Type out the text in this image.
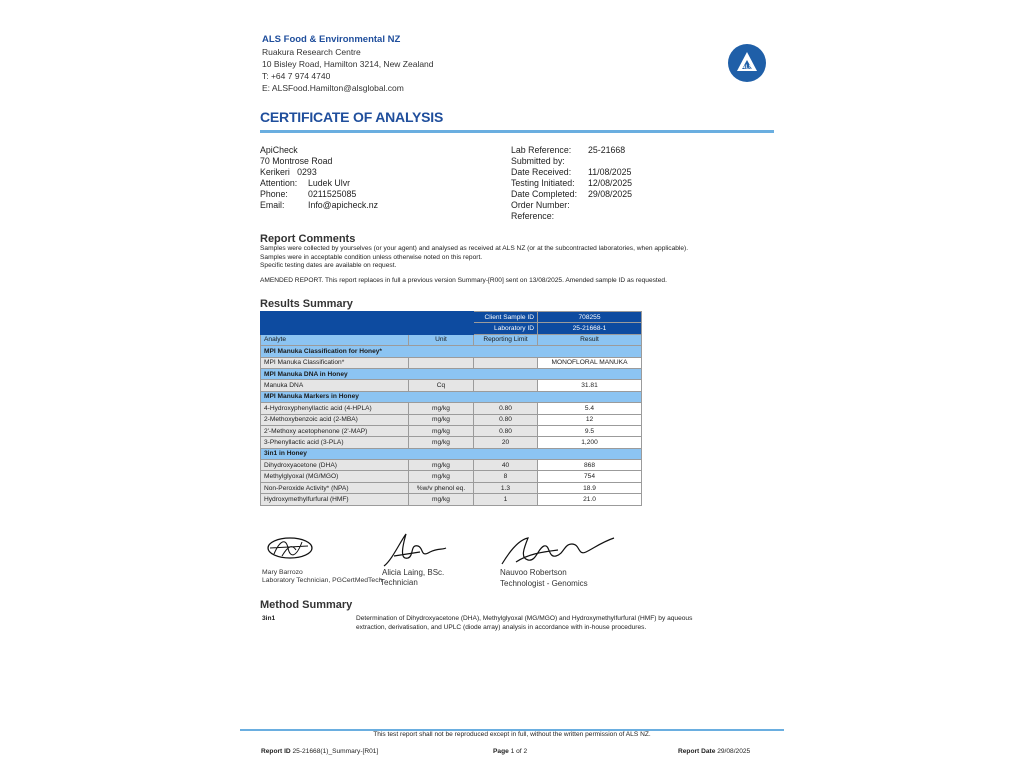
ALS Food & Environmental NZ
Ruakura Research Centre
10 Bisley Road, Hamilton 3214, New Zealand
T: +64 7 974 4740
E: ALSFood.Hamilton@alsglobal.com
ALS
CERTIFICATE OF ANALYSIS
ApiCheck
70 Montrose Road
Kerikeri   0293
Attention: Ludek Ulvr
Phone: 0211525085
Email:	Info@apicheck.nz
Lab Reference: 25-21668
Submitted by:
Date Received: 11/08/2025
Testing Initiated: 12/08/2025
Date Completed: 29/08/2025
Order Number:
Reference:
Report Comments
Samples were collected by yourselves (or your agent) and analysed as received at ALS NZ (or at the subcontracted laboratories, when applicable).
Samples were in acceptable condition unless otherwise noted on this report.
Specific testing dates are available on request.
AMENDED REPORT. This report replaces in full a previous version Summary-[R00] sent on 13/08/2025. Amended sample ID as requested.
Results Summary
		Client Sample ID	708255
		Laboratory ID	25-21668-1
Analyte	Unit	Reporting Limit	Result
MPI Manuka Classification for Honey*			
MPI Manuka Classification*			MONOFLORAL MANUKA
MPI Manuka DNA in Honey			
Manuka DNA	Cq		31.81
MPI Manuka Markers in Honey			
4-Hydroxyphenyllactic acid (4-HPLA)	mg/kg	0.80	5.4
2-Methoxybenzoic acid (2-MBA)	mg/kg	0.80	12
2'-Methoxy acetophenone (2'-MAP)	mg/kg	0.80	9.5
3-Phenyllactic acid (3-PLA)	mg/kg	20	1,200
3in1 in Honey			
Dihydroxyacetone (DHA)	mg/kg	40	868
Methylglyoxal (MG/MGO)	mg/kg	8	754
Non-Peroxide Activity* (NPA)	%w/v phenol eq.	1.3	18.9
Hydroxymethylfurfural (HMF)	mg/kg	1	21.0
Mary Barrozo
Laboratory Technician, PGCertMedTech
Alicia Laing, BSc.
Technician
Nauvoo Robertson
Technologist - Genomics
Method Summary
3in1	Determination of Dihydroxyacetone (DHA), Methylglyoxal (MG/MGO) and Hydroxymethylfurfural (HMF) by aqueous
extraction, derivatisation, and UPLC (diode array) analysis in accordance with in-house procedures.
This test report shall not be reproduced except in full, without the written permission of ALS NZ.
Report ID 25-21668(1)_Summary-[R01]	Page 1 of 2	Report Date 29/08/2025
